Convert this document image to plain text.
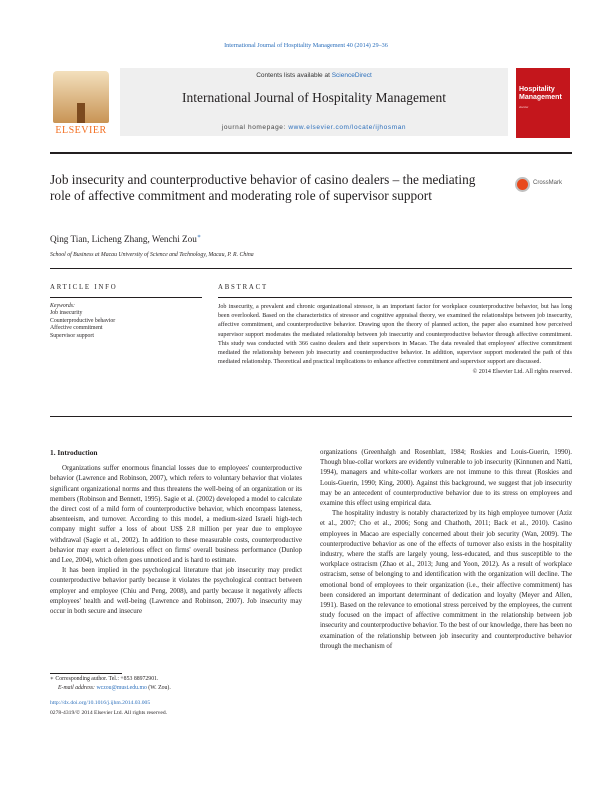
International Journal of Hospitality Management 40 (2014) 29–36
ELSEVIER
Contents lists available at ScienceDirect
International Journal of Hospitality Management
journal homepage: www.elsevier.com/locate/ijhosman
Hospitality Management
elsevier
Job insecurity and counterproductive behavior of casino dealers – the mediating role of affective commitment and moderating role of supervisor support
CrossMark
Qing Tian, Licheng Zhang, Wenchi Zou∗
School of Business at Macau University of Science and Technology, Macau, P. R. China
ARTICLE INFO	ABSTRACT
Keywords:
Job insecurity
Counterproductive behavior
Affective commitment
Supervisor support
Job insecurity, a prevalent and chronic organizational stressor, is an important factor for workplace counterproductive behavior, but has long been overlooked. Based on the characteristics of stressor and cognitive appraisal theory, we examined the relationships between job insecurity, affective commitment, and counterproductive behavior. Drawing upon the theory of planned action, the paper also examined how perceived supervisor support moderates the mediated relationship between job insecurity and counterproductive behavior through affective commitment. This study was conducted with 366 casino dealers and their supervisors in Macao. The data revealed that employees' affective commitment mediated the relationship between job insecurity and counterproductive behavior. In addition, supervisor support moderated the path of this mediated relationship. Theoretical and practical implications to enhance affective commitment and supervisor support are discussed.
© 2014 Elsevier Ltd. All rights reserved.
1. Introduction

Organizations suffer enormous financial losses due to employees' counterproductive behavior (Lawrence and Robinson, 2007), which refers to voluntary behavior that violates significant organizational norms and thus threatens the well-being of an organization or its members (Robinson and Bennett, 1995). Sagie et al. (2002) developed a model to calculate the direct cost of a mild form of counterproductive behavior, which encompass lateness, absenteeism, and turnover. According to this model, a medium-sized Israeli high-tech company might suffer a loss of about US$ 2.8 million per year due to employee withdrawal (Sagie et al., 2002). In addition to these measurable costs, counterproductive behavior may exert a deleterious effect on firms' overall business performance (Dunlop and Lee, 2004), which often goes unnoticed and is hard to estimate.

It has been implied in the psychological literature that job insecurity may predict counterproductive behavior partly because it violates the psychological contract between employer and employee (Chiu and Peng, 2008), and partly because it negatively affects employees' health and well-being (Lawrence and Robinson, 2007). Job insecurity may occur in both secure and insecure

organizations (Greenhalgh and Rosenblatt, 1984; Roskies and Louis-Guerin, 1990). Though blue-collar workers are evidently vulnerable to job insecurity (Kinnunen and Natti, 1994), managers and white-collar workers are not immune to this threat (Roskies and Louis-Guerin, 1990; King, 2000). Against this background, we suggest that job insecurity may be an antecedent of counterproductive behavior due to its stress on employees and examine this effect using empirical data.

The hospitality industry is notably characterized by its high employee turnover (Aziz et al., 2007; Cho et al., 2006; Song and Chathoth, 2011; Back et al., 2010). Casino employees in Macao are especially concerned about their job security (Wan, 2009). The counterproductive behavior as one of the effects of turnover also exists in the hospitality industry, where the staffs are largely young, less-educated, and thus susceptible to the workplace ostracism (Zhao et al., 2013; Jung and Yoon, 2012). As a result of workplace ostracism, sense of belonging to and identification with the organization will decline. The emotional bond of employees to their organization (i.e., their affective commitment) has been considered an important determinant of dedication and loyalty (Meyer and Allen, 1991). Based on the relevance to emotional stress perceived by the employees, the current study focused on the impact of affective commitment in the relationship between job insecurity and counterproductive behavior. To the best of our knowledge, there has been no examination of the relationship between job insecurity and counterproductive behavior through the mechanism of

∗ Corresponding author. Tel.: +853 88972901.
E-mail address: wczou@must.edu.mo (W. Zou).
http://dx.doi.org/10.1016/j.ijhm.2014.03.005
0278-4319/© 2014 Elsevier Ltd. All rights reserved.
